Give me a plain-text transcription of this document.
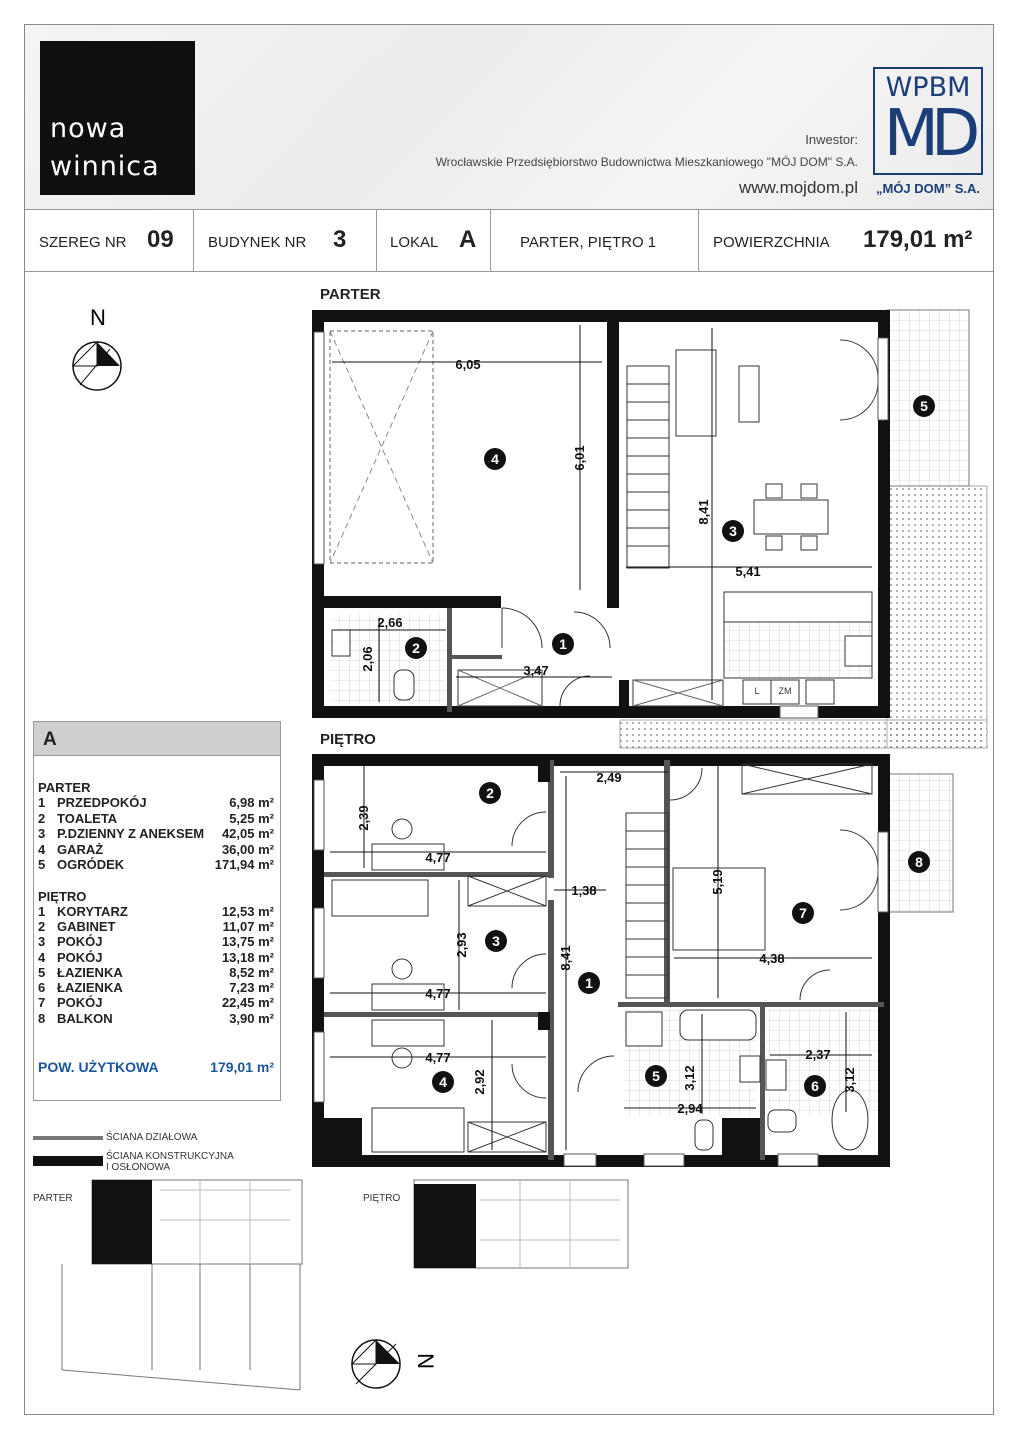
nowa
winnica
Inwestor:
Wrocławskie Przedsiębiorstwo Budownictwa Mieszkaniowego "MÓJ DOM" S.A.
www.mojdom.pl
WPBM
MD
„MÓJ DOM” S.A.
SZEREG NR 09 BUDYNEK NR 3	LOKAL A	PARTER, PIĘTRO 1	POWIERZCHNIA 179,01 m²
PARTER
PIĘTRO
N
1
2
3
4
5
1
2
3
4	5
6
7
8
6,05
6,01
8,41
5,41
2,66
2,06	3,47
L ZM
2,49
2,39
4,77
1,38
2,93
4,77
8,41
5,19
4,38
4,77
2,92	3,12
2,94
2,37
3,12
N
A
PARTER
1 PRZEDPOKÓJ	6,98 m²
2 TOALETA	5,25 m²
3 P.DZIENNY Z ANEKSEM 42,05 m²
4 GARAŻ	36,00 m²
5 OGRÓDEK	171,94 m²
PIĘTRO
1 KORYTARZ	12,53 m²
2 GABINET	11,07 m²
3 POKÓJ	13,75 m²
4 POKÓJ	13,18 m²
5 ŁAZIENKA	8,52 m²
6 ŁAZIENKA	7,23 m²
7 POKÓJ	22,45 m²
8 BALKON	3,90 m²
POW. UŻYTKOWA	179,01 m²
ŚCIANA DZIAŁOWA
ŚCIANA KONSTRUKCYJNA
I OSŁONOWA
PARTER	PIĘTRO
